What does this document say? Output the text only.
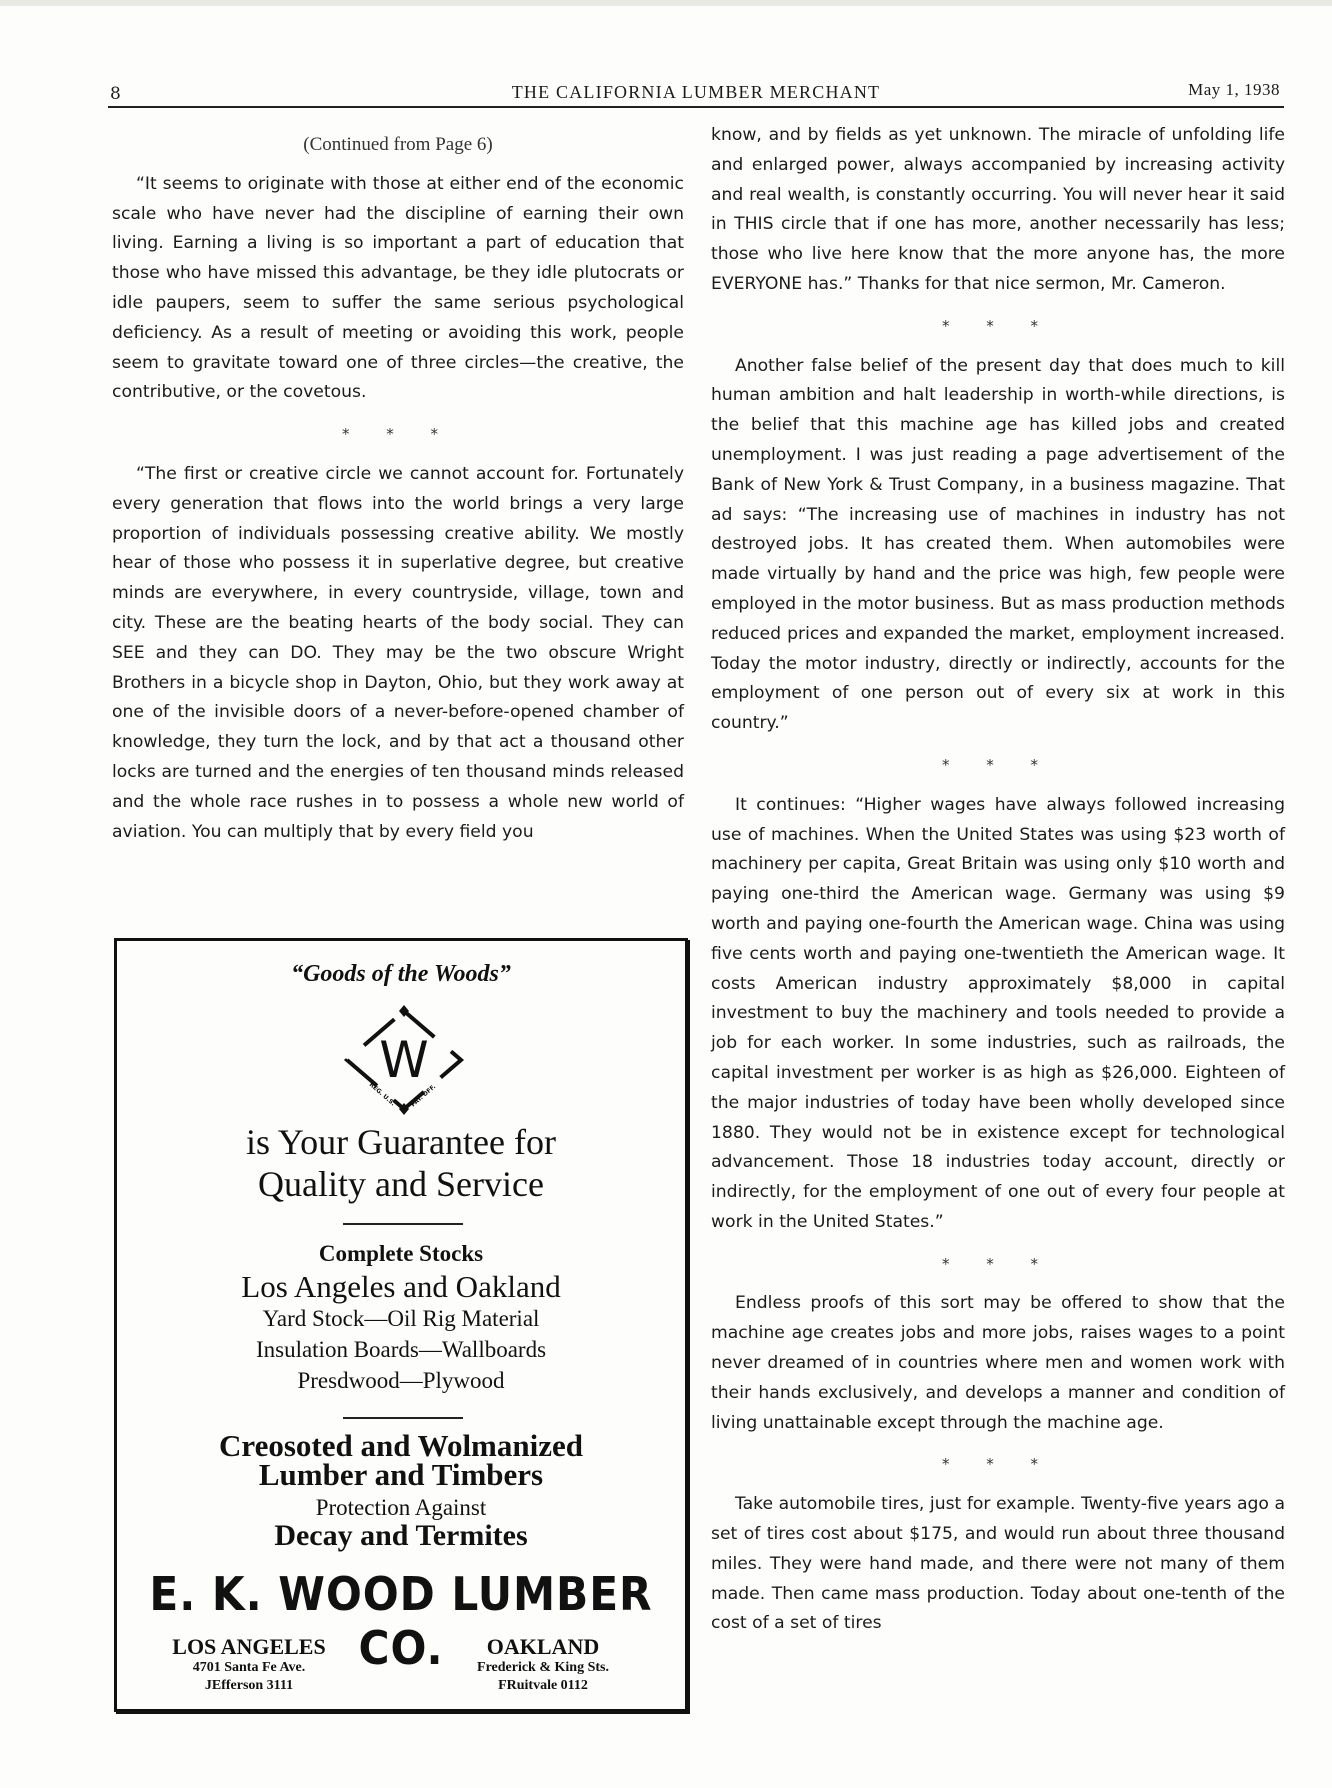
8	THE CALIFORNIA LUMBER MERCHANT	May 1, 1938
(Continued from Page 6)

“It seems to originate with those at either end of the economic scale who have never had the discipline of earning their own living. Earning a living is so important a part of education that those who have missed this advantage, be they idle plutocrats or idle paupers, seem to suffer the same serious psychological deficiency. As a result of meeting or avoiding this work, people seem to gravitate toward one of three circles—the creative, the contributive, or the covetous.

* * *

“The first or creative circle we cannot account for. Fortunately every generation that flows into the world brings a very large proportion of individuals possessing creative ability. We mostly hear of those who possess it in superlative degree, but creative minds are everywhere, in every countryside, village, town and city. These are the beating hearts of the body social. They can SEE and they can DO. They may be the two obscure Wright Brothers in a bicycle shop in Dayton, Ohio, but they work away at one of the invisible doors of a never-before-opened chamber of knowledge, they turn the lock, and by that act a thousand other locks are turned and the energies of ten thousand minds released and the whole race rushes in to possess a whole new world of aviation. You can multiply that by every field you

know, and by fields as yet unknown. The miracle of unfolding life and enlarged power, always accompanied by increasing activity and real wealth, is constantly occurring. You will never hear it said in THIS circle that if one has more, another necessarily has less; those who live here know that the more anyone has, the more EVERYONE has.” Thanks for that nice sermon, Mr. Cameron.

* * *

Another false belief of the present day that does much to kill human ambition and halt leadership in worth-while directions, is the belief that this machine age has killed jobs and created unemployment. I was just reading a page advertisement of the Bank of New York & Trust Company, in a business magazine. That ad says: “The increasing use of machines in industry has not destroyed jobs. It has created them. When automobiles were made virtually by hand and the price was high, few people were employed in the motor business. But as mass production methods reduced prices and expanded the market, employment increased. Today the motor industry, directly or indirectly, accounts for the employment of one person out of every six at work in this country.”

* * *

It continues: “Higher wages have always followed increasing use of machines. When the United States was using $23 worth of machinery per capita, Great Britain was using only $10 worth and paying one-third the American wage. Germany was using $9 worth and paying one-fourth the American wage. China was using five cents worth and paying one-twentieth the American wage. It costs American industry approximately $8,000 in capital investment to buy the machinery and tools needed to provide a job for each worker. In some industries, such as railroads, the capital investment per worker is as high as $26,000. Eighteen of the major industries of today have been wholly developed since 1880. They would not be in existence except for technological advancement. Those 18 industries today account, directly or indirectly, for the employment of one out of every four people at work in the United States.”

* * *

Endless proofs of this sort may be offered to show that the machine age creates jobs and more jobs, raises wages to a point never dreamed of in countries where men and women work with their hands exclusively, and develops a manner and condition of living unattainable except through the machine age.

* * *

Take automobile tires, just for example. Twenty-five years ago a set of tires cost about $175, and would run about three thousand miles. They were hand made, and there were not many of them made. Then came mass production. Today about one-tenth of the cost of a set of tires

“Goods of the Woods”
W
REG. U.S. PAT. OFF.
is Your Guarantee for
Quality and Service
Complete Stocks
Los Angeles and Oakland
Yard Stock—Oil Rig Material
Insulation Boards—Wallboards
Presdwood—Plywood
Creosoted and Wolmanized
Lumber and Timbers
Protection Against
Decay and Termites
E. K. WOOD LUMBER CO.
LOS ANGELES
4701 Santa Fe Ave.
JEfferson 3111
OAKLAND
Frederick & King Sts.
FRuitvale 0112
